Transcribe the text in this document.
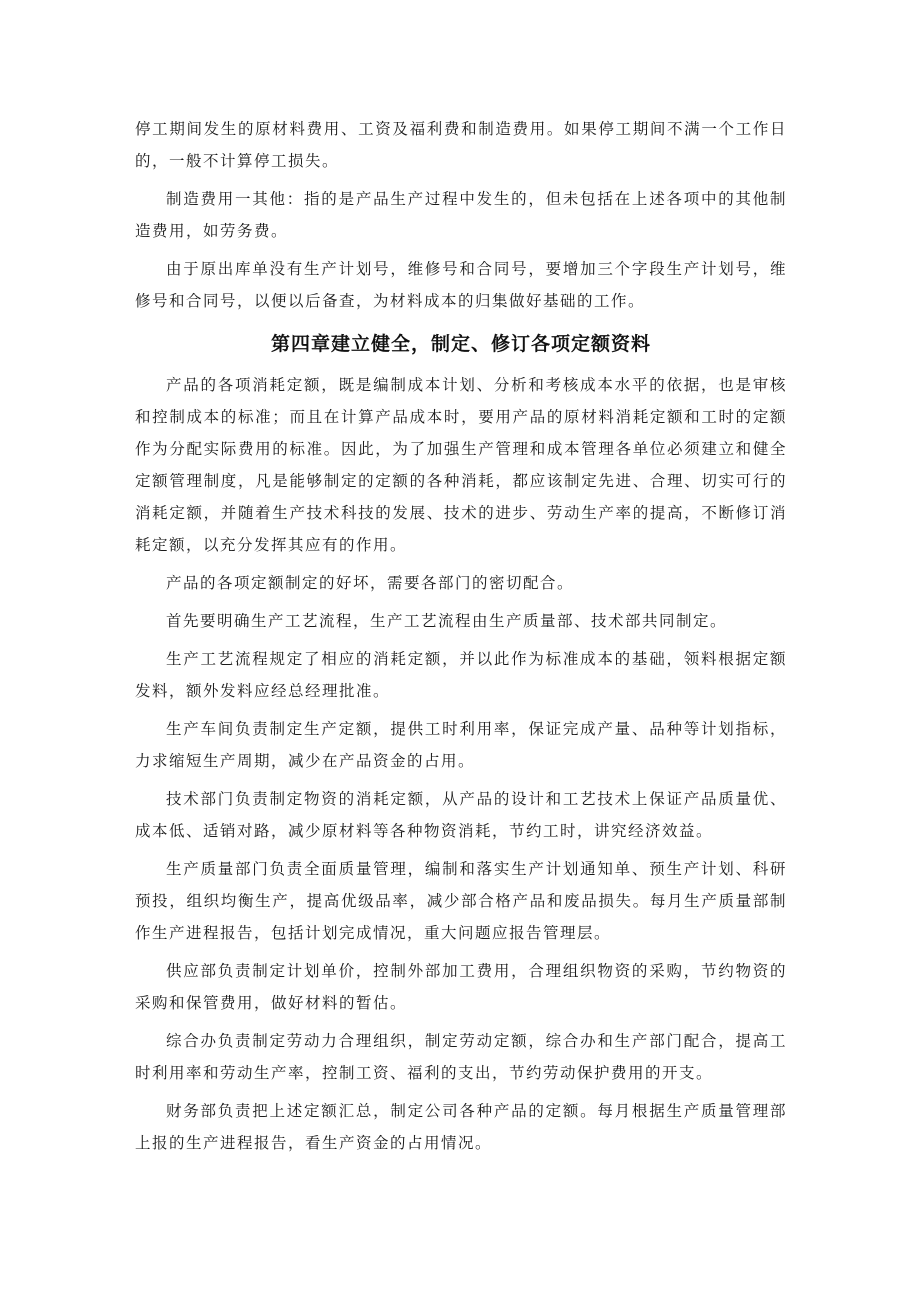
停工期间发生的原材料费用、工资及福利费和制造费用。如果停工期间不满一个工作日的，一般不计算停工损失。

制造费用一其他：指的是产品生产过程中发生的，但未包括在上述各项中的其他制造费用，如劳务费。

由于原出库单没有生产计划号，维修号和合同号，要增加三个字段生产计划号，维修号和合同号，以便以后备查，为材料成本的归集做好基础的工作。

第四章建立健全，制定、修订各项定额资料

产品的各项消耗定额，既是编制成本计划、分析和考核成本水平的依据，也是审核和控制成本的标准；而且在计算产品成本时，要用产品的原材料消耗定额和工时的定额作为分配实际费用的标准。因此，为了加强生产管理和成本管理各单位必须建立和健全定额管理制度，凡是能够制定的定额的各种消耗，都应该制定先进、合理、切实可行的消耗定额，并随着生产技术科技的发展、技术的进步、劳动生产率的提高，不断修订消耗定额，以充分发挥其应有的作用。

产品的各项定额制定的好坏，需要各部门的密切配合。

首先要明确生产工艺流程，生产工艺流程由生产质量部、技术部共同制定。

生产工艺流程规定了相应的消耗定额，并以此作为标准成本的基础，领料根据定额发料，额外发料应经总经理批准。

生产车间负责制定生产定额，提供工时利用率，保证完成产量、品种等计划指标，力求缩短生产周期，减少在产品资金的占用。

技术部门负责制定物资的消耗定额，从产品的设计和工艺技术上保证产品质量优、成本低、适销对路，减少原材料等各种物资消耗，节约工时，讲究经济效益。

生产质量部门负责全面质量管理，编制和落实生产计划通知单、预生产计划、科研预投，组织均衡生产，提高优级品率，减少部合格产品和废品损失。每月生产质量部制作生产进程报告，包括计划完成情况，重大问题应报告管理层。

供应部负责制定计划单价，控制外部加工费用，合理组织物资的采购，节约物资的采购和保管费用，做好材料的暂估。

综合办负责制定劳动力合理组织，制定劳动定额，综合办和生产部门配合，提高工时利用率和劳动生产率，控制工资、福利的支出，节约劳动保护费用的开支。

财务部负责把上述定额汇总，制定公司各种产品的定额。每月根据生产质量管理部上报的生产进程报告，看生产资金的占用情况。
